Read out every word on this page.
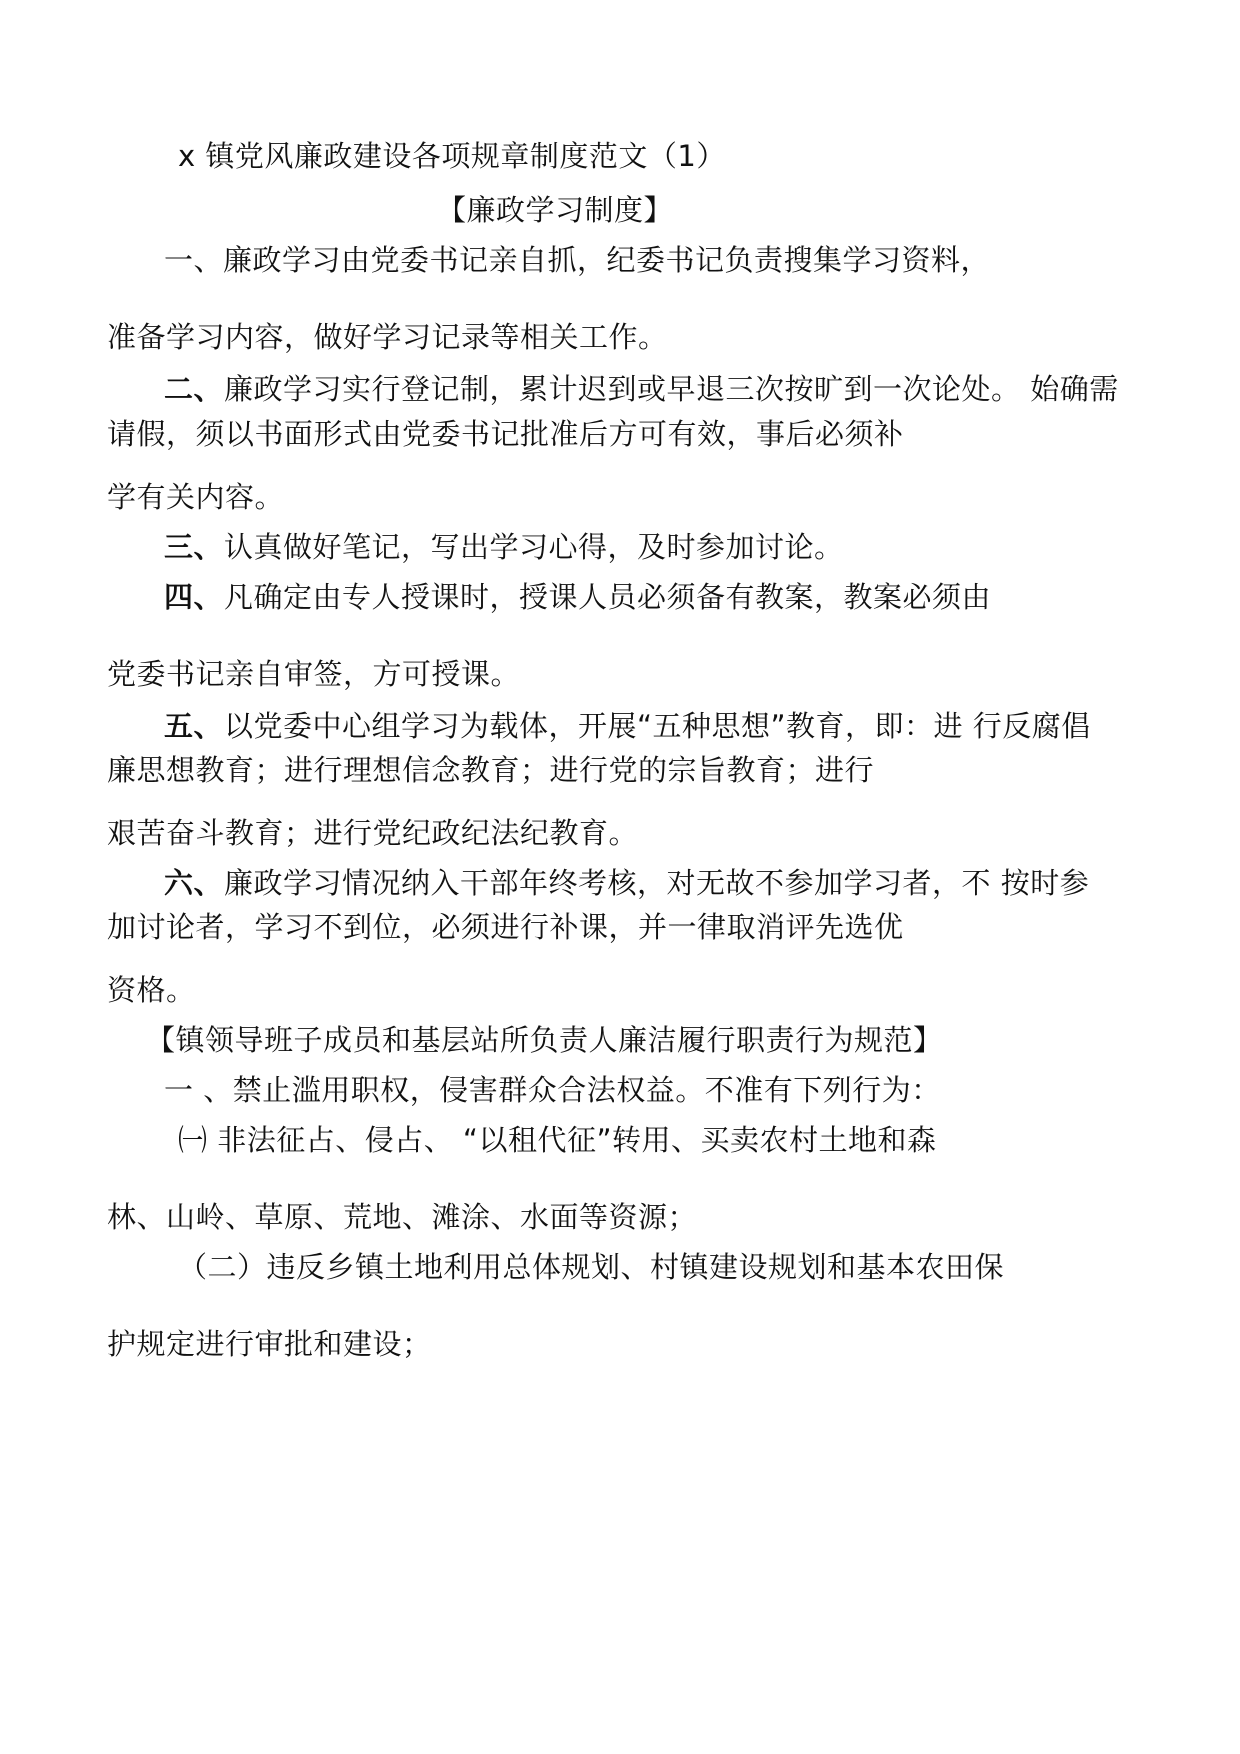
x 镇党风廉政建设各项规章制度范文（1）
【廉政学习制度】
一、廉政学习由党委书记亲自抓，纪委书记负责搜集学习资料，
准备学习内容，做好学习记录等相关工作。
二、 廉政学习实行登记制，累计迟到或早退三次按旷到一次论处。 始确需
请假，须以书面形式由党委书记批准后方可有效，事后必须补
学有关内容。
三、 认真做好笔记，写出学习心得，及时参加讨论。
四、 凡确定由专人授课时，授课人员必须备有教案，教案必须由
党委书记亲自审签，方可授课。
五、 以党委中心组学习为载体，开展“五种思想”教育，即：进 行反腐倡
廉思想教育；进行理想信念教育；进行党的宗旨教育；进行
艰苦奋斗教育；进行党纪政纪法纪教育。
六、 廉政学习情况纳入干部年终考核，对无故不参加学习者，不 按时参
加讨论者，学习不到位，必须进行补课，并一律取消评先选优
资格。
【镇领导班子成员和基层站所负责人廉洁履行职责行为规范】
一 、禁止滥用职权，侵害群众合法权益。不准有下列行为：
㈠ 非法征占、侵占、 “以租代征”转用、买卖农村土地和森
林、山岭、草原、荒地、滩涂、水面等资源；
（二）违反乡镇土地利用总体规划、村镇建设规划和基本农田保
护规定进行审批和建设；
